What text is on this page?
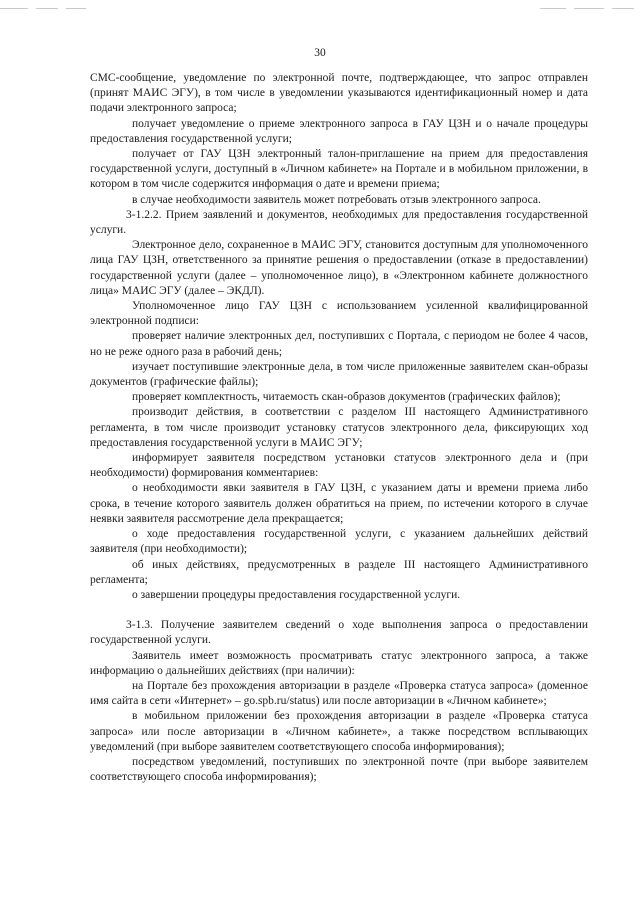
30

СМС-сообщение, уведомление по электронной почте, подтверждающее, что запрос отправлен (принят МАИС ЭГУ), в том числе в уведомлении указываются идентификационный номер и дата подачи электронного запроса;

получает уведомление о приеме электронного запроса в ГАУ ЦЗН и о начале процедуры предоставления государственной услуги;

получает от ГАУ ЦЗН электронный талон-приглашение на прием для предоставления государственной услуги, доступный в «Личном кабинете» на Портале и в мобильном приложении, в котором в том числе содержится информация о дате и времени приема;

в случае необходимости заявитель может потребовать отзыв электронного запроса.

3-1.2.2. Прием заявлений и документов, необходимых для предоставления государственной услуги.

Электронное дело, сохраненное в МАИС ЭГУ, становится доступным для уполномоченного лица ГАУ ЦЗН, ответственного за принятие решения о предоставлении (отказе в предоставлении) государственной услуги (далее – уполномоченное лицо), в «Электронном кабинете должностного лица» МАИС ЭГУ (далее – ЭКДЛ).

Уполномоченное лицо ГАУ ЦЗН с использованием усиленной квалифицированной электронной подписи:

проверяет наличие электронных дел, поступивших с Портала, с периодом не более 4 часов, но не реже одного раза в рабочий день;

изучает поступившие электронные дела, в том числе приложенные заявителем скан-образы документов (графические файлы);

проверяет комплектность, читаемость скан-образов документов (графических файлов);

производит действия, в соответствии с разделом III настоящего Административного регламента, в том числе производит установку статусов электронного дела, фиксирующих ход предоставления государственной услуги в МАИС ЭГУ;

информирует заявителя посредством установки статусов электронного дела и (при необходимости) формирования комментариев:

о необходимости явки заявителя в ГАУ ЦЗН, с указанием даты и времени приема либо срока, в течение которого заявитель должен обратиться на прием, по истечении которого в случае неявки заявителя рассмотрение дела прекращается;

о ходе предоставления государственной услуги, с указанием дальнейших действий заявителя (при необходимости);

об иных действиях, предусмотренных в разделе III настоящего Административного регламента;

о завершении процедуры предоставления государственной услуги.

3-1.3. Получение заявителем сведений о ходе выполнения запроса о предоставлении государственной услуги.

Заявитель имеет возможность просматривать статус электронного запроса, а также информацию о дальнейших действиях (при наличии):

на Портале без прохождения авторизации в разделе «Проверка статуса запроса» (доменное имя сайта в сети «Интернет» – go.spb.ru/status) или после авторизации в «Личном кабинете»;

в мобильном приложении без прохождения авторизации в разделе «Проверка статуса запроса» или после авторизации в «Личном кабинете», а также посредством всплывающих уведомлений (при выборе заявителем соответствующего способа информирования);

посредством уведомлений, поступивших по электронной почте (при выборе заявителем соответствующего способа информирования);
